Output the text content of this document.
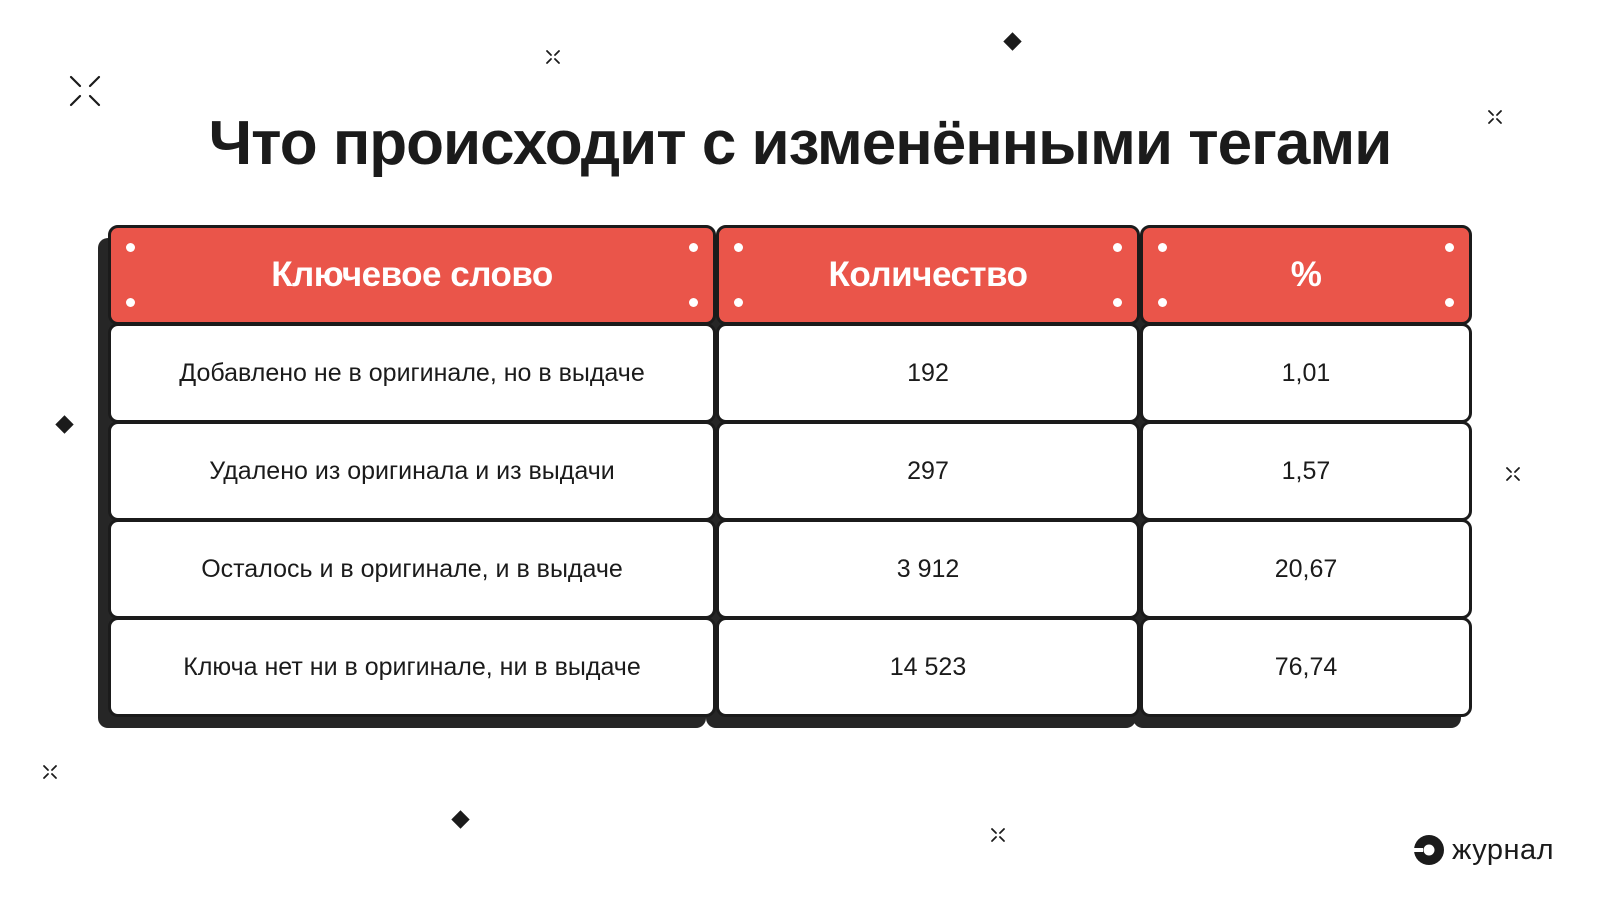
Что происходит с изменёнными тегами
Ключевое слово	Количество	%
Добавлено не в оригинале, но в выдаче	192	1,01
Удалено из оригинала и из выдачи	297	1,57
Осталось и в оригинале, и в выдаче	3 912	20,67
Ключа нет ни в оригинале, ни в выдаче	14 523	76,74
журнал
